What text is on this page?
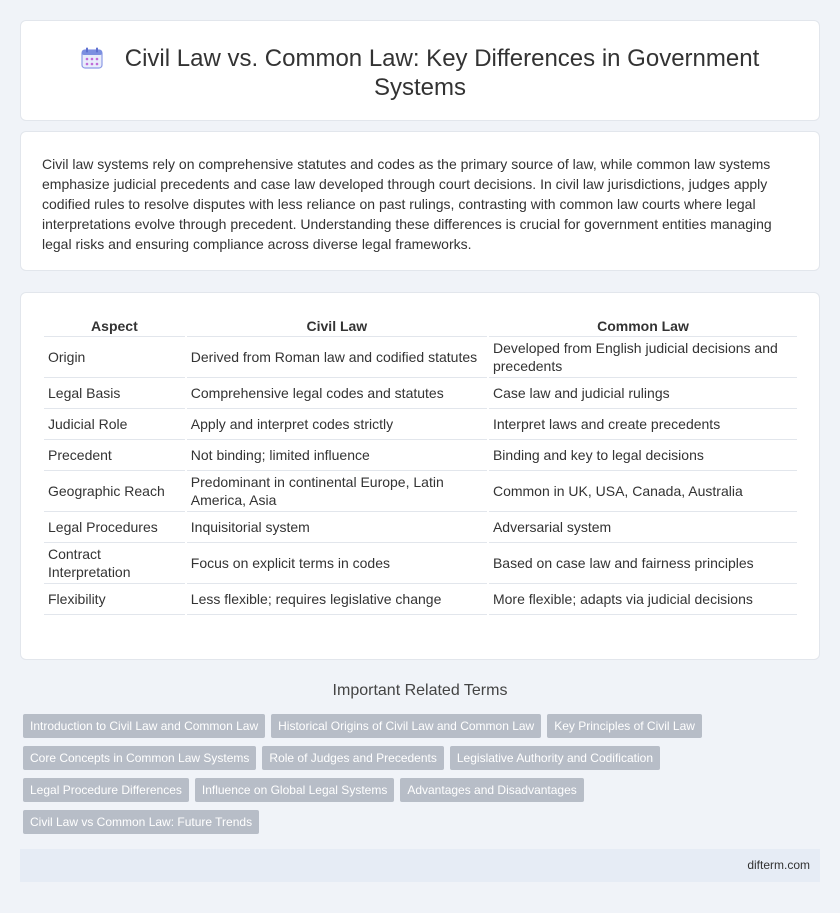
Civil Law vs. Common Law: Key Differences in Government
Systems

Civil law systems rely on comprehensive statutes and codes as the primary source of law, while common law systems emphasize judicial precedents and case law developed through court decisions. In civil law jurisdictions, judges apply codified rules to resolve disputes with less reliance on past rulings, contrasting with common law courts where legal interpretations evolve through precedent. Understanding these differences is crucial for government entities managing legal risks and ensuring compliance across diverse legal frameworks.

Aspect	Civil Law	Common Law
Origin	Derived from Roman law and codified statutes	Developed from English judicial decisions and precedents
Legal Basis	Comprehensive legal codes and statutes	Case law and judicial rulings
Judicial Role	Apply and interpret codes strictly	Interpret laws and create precedents
Precedent	Not binding; limited influence	Binding and key to legal decisions
Geographic Reach	Predominant in continental Europe, Latin America, Asia	Common in UK, USA, Canada, Australia
Legal Procedures	Inquisitorial system	Adversarial system
Contract Interpretation	Focus on explicit terms in codes	Based on case law and fairness principles
Flexibility	Less flexible; requires legislative change	More flexible; adapts via judicial decisions
Important Related Terms
Introduction to Civil Law and Common Law Historical Origins of Civil Law and Common Law Key Principles of Civil Law
Core Concepts in Common Law Systems Role of Judges and Precedents Legislative Authority and Codification
Legal Procedure Differences Influence on Global Legal Systems Advantages and Disadvantages
Civil Law vs Common Law: Future Trends
difterm.com
